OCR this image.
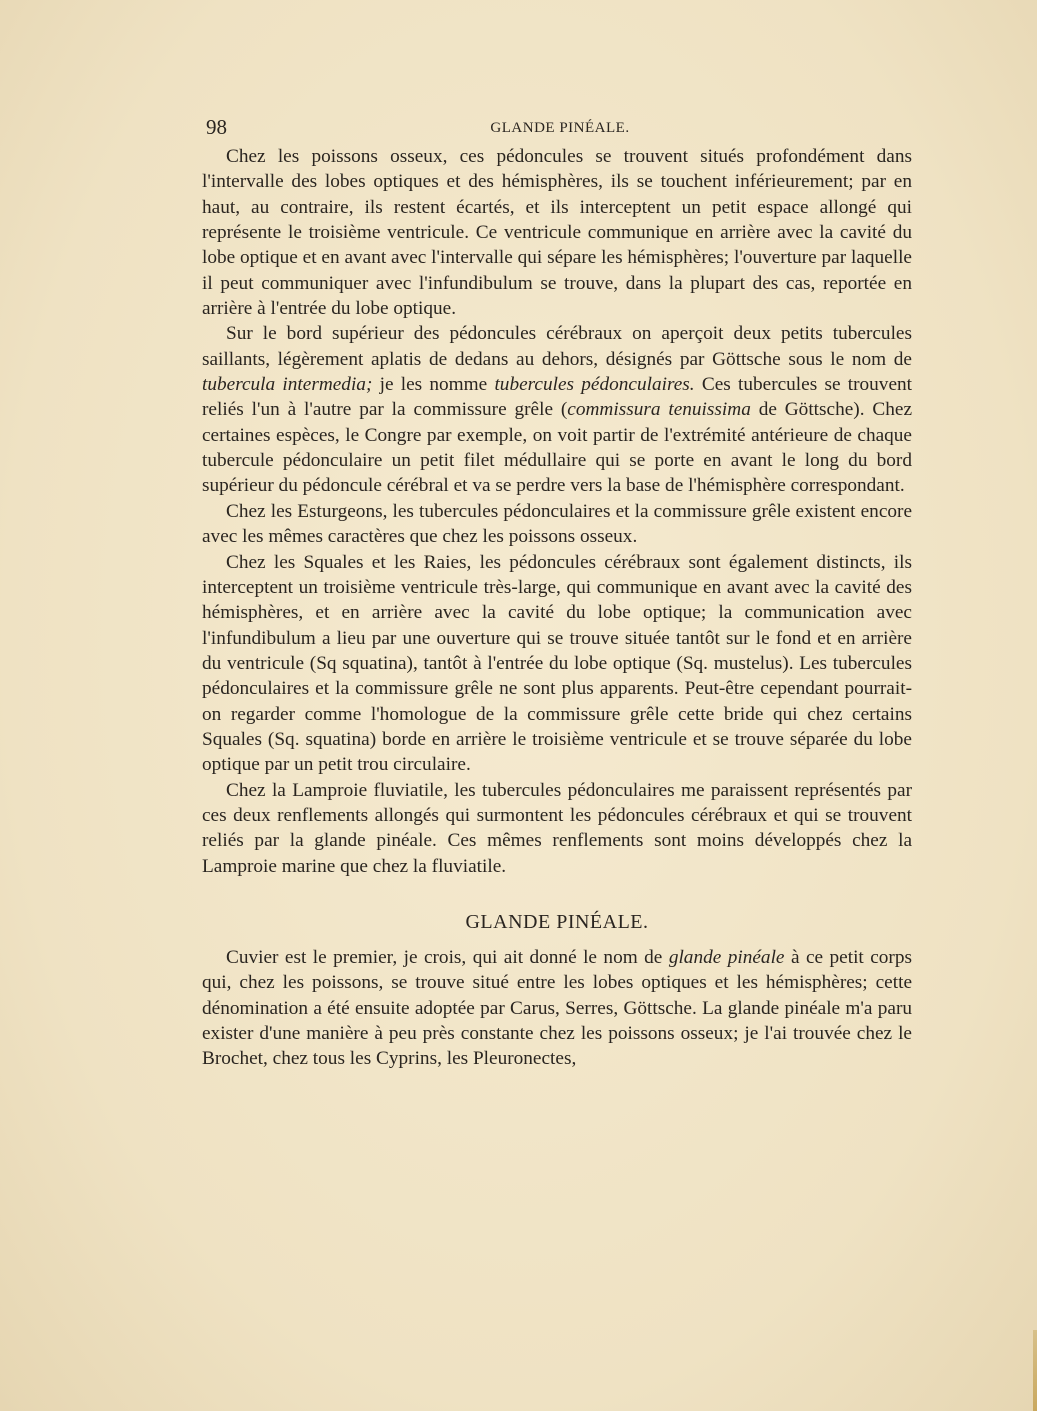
98	GLANDE PINÉALE.

Chez les poissons osseux, ces pédoncules se trouvent situés profondément dans l'intervalle des lobes optiques et des hémisphères, ils se touchent inférieurement; par en haut, au contraire, ils restent écartés, et ils interceptent un petit espace allongé qui représente le troisième ventricule. Ce ventricule communique en arrière avec la cavité du lobe optique et en avant avec l'intervalle qui sépare les hémisphères; l'ouverture par laquelle il peut communiquer avec l'infundibulum se trouve, dans la plupart des cas, reportée en arrière à l'entrée du lobe optique.

Sur le bord supérieur des pédoncules cérébraux on aperçoit deux petits tubercules saillants, légèrement aplatis de dedans au dehors, désignés par Göttsche sous le nom de tubercula intermedia; je les nomme tubercules pédonculaires. Ces tubercules se trouvent reliés l'un à l'autre par la commissure grêle (commissura tenuissima de Göttsche). Chez certaines espèces, le Congre par exemple, on voit partir de l'extrémité antérieure de chaque tubercule pédonculaire un petit filet médullaire qui se porte en avant le long du bord supérieur du pédoncule cérébral et va se perdre vers la base de l'hémisphère correspondant.

Chez les Esturgeons, les tubercules pédonculaires et la commissure grêle existent encore avec les mêmes caractères que chez les poissons osseux.

Chez les Squales et les Raies, les pédoncules cérébraux sont également distincts, ils interceptent un troisième ventricule très-large, qui communique en avant avec la cavité des hémisphères, et en arrière avec la cavité du lobe optique; la communication avec l'infundibulum a lieu par une ouverture qui se trouve située tantôt sur le fond et en arrière du ventricule (Sq squatina), tantôt à l'entrée du lobe optique (Sq. mustelus). Les tubercules pédonculaires et la commissure grêle ne sont plus apparents. Peut-être cependant pourrait-on regarder comme l'homologue de la commissure grêle cette bride qui chez certains Squales (Sq. squatina) borde en arrière le troisième ventricule et se trouve séparée du lobe optique par un petit trou circulaire.

Chez la Lamproie fluviatile, les tubercules pédonculaires me paraissent représentés par ces deux renflements allongés qui surmontent les pédoncules cérébraux et qui se trouvent reliés par la glande pinéale. Ces mêmes renflements sont moins développés chez la Lamproie marine que chez la fluviatile.

GLANDE PINÉALE.

Cuvier est le premier, je crois, qui ait donné le nom de glande pinéale à ce petit corps qui, chez les poissons, se trouve situé entre les lobes optiques et les hémisphères; cette dénomination a été ensuite adoptée par Carus, Serres, Göttsche. La glande pinéale m'a paru exister d'une manière à peu près constante chez les poissons osseux; je l'ai trouvée chez le Brochet, chez tous les Cyprins, les Pleuronectes,
